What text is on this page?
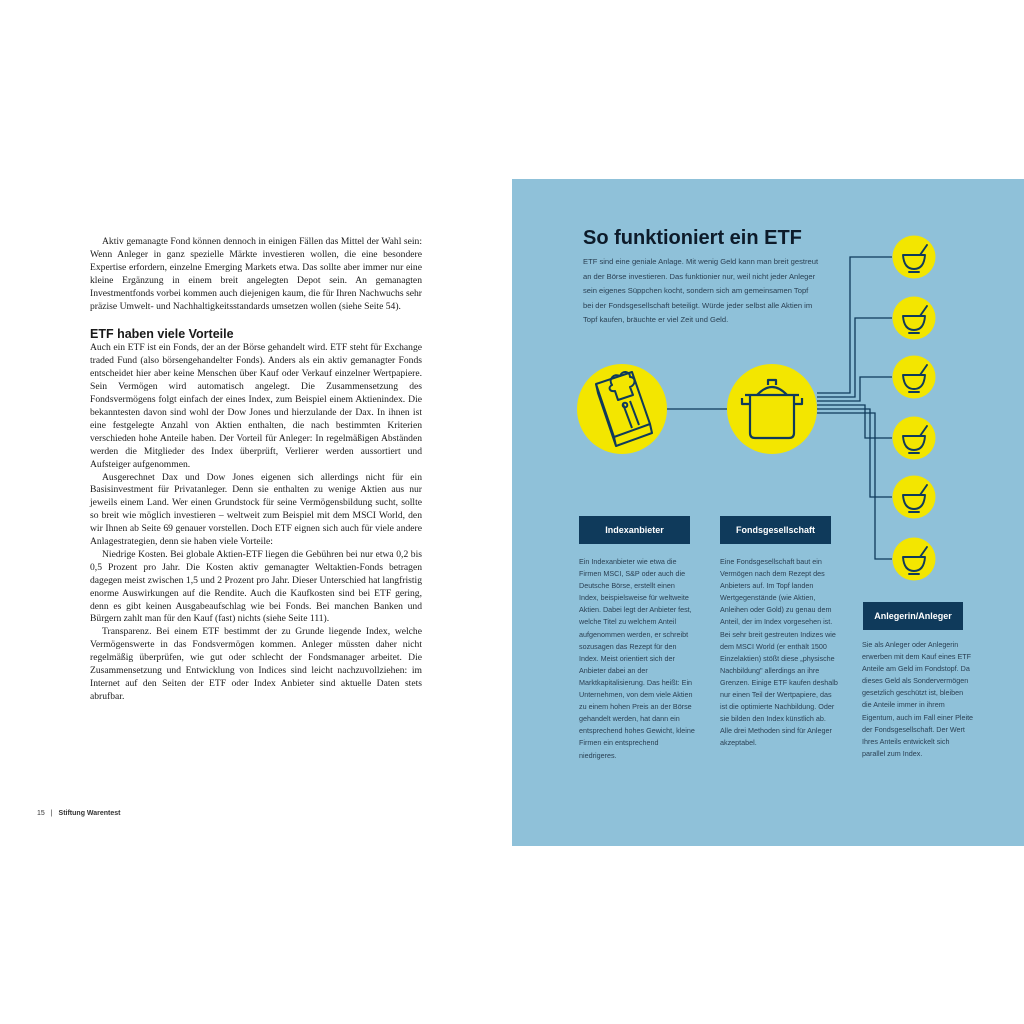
Aktiv gemanagte Fond können dennoch in einigen Fällen das Mittel der Wahl sein: Wenn Anleger in ganz spezielle Märkte investieren wollen, die eine besondere Expertise erfordern, einzelne Emerging Markets etwa. Das sollte aber immer nur eine kleine Ergänzung in einem breit angelegten Depot sein. An gemanagten Investmentfonds vorbei kommen auch diejenigen kaum, die für Ihren Nachwuchs sehr präzise Umwelt- und Nachhaltigkeitsstandards umsetzen wollen (siehe Seite 54).

ETF haben viele Vorteile

Auch ein ETF ist ein Fonds, der an der Börse gehandelt wird. ETF steht für Exchange traded Fund (also börsengehandelter Fonds). Anders als ein aktiv gemanagter Fonds entscheidet hier aber keine Menschen über Kauf oder Verkauf einzelner Wertpapiere. Sein Vermögen wird automatisch angelegt. Die Zusammensetzung des Fondsvermögens folgt einfach der eines Index, zum Beispiel einem Aktienindex. Die bekanntesten davon sind wohl der Dow Jones und hierzulande der Dax. In ihnen ist eine festgelegte Anzahl von Aktien enthalten, die nach bestimmten Kriterien verschieden hohe Anteile haben. Der Vorteil für Anleger: In regelmäßigen Abständen werden die Mitglieder des Index überprüft, Verlierer werden aussortiert und Aufsteiger aufgenommen.

Ausgerechnet Dax und Dow Jones eigenen sich allerdings nicht für ein Basisinvestment für Privatanleger. Denn sie enthalten zu wenige Aktien aus nur jeweils einem Land. Wer einen Grundstock für seine Vermögensbildung sucht, sollte so breit wie möglich investieren – weltweit zum Beispiel mit dem MSCI World, den wir Ihnen ab Seite 69 genauer vorstellen. Doch ETF eignen sich auch für viele andere Anlagestrategien, denn sie haben viele Vorteile:

Niedrige Kosten. Bei globale Aktien-ETF liegen die Gebühren bei nur etwa 0,2 bis 0,5 Prozent pro Jahr. Die Kosten aktiv gemanagter Weltaktien-Fonds betragen dagegen meist zwischen 1,5 und 2 Prozent pro Jahr. Dieser Unterschied hat langfristig enorme Auswirkungen auf die Rendite. Auch die Kaufkosten sind bei ETF gering, denn es gibt keinen Ausgabeaufschlag wie bei Fonds. Bei manchen Banken und Bürgern zahlt man für den Kauf (fast) nichts (siehe Seite 111).

Transparenz. Bei einem ETF bestimmt der zu Grunde liegende Index, welche Vermögenswerte in das Fondsvermögen kommen. Anleger müssten daher nicht regelmäßig überprüfen, wie gut oder schlecht der Fondsmanager arbeitet. Die Zusammensetzung und Entwicklung von Indices sind leicht nachzuvollziehen: im Internet auf den Seiten der ETF oder Index Anbieter sind aktuelle Daten stets abrufbar.

15 | Stiftung Warentest
So funktioniert ein ETF

ETF sind eine geniale Anlage. Mit wenig Geld kann man breit gestreut an der Börse investieren. Das funktionier nur, weil nicht jeder Anleger sein eigenes Süppchen kocht, sondern sich am gemeinsamen Topf bei der Fondsgesellschaft beteiligt. Würde jeder selbst alle Aktien im Topf kaufen, bräuchte er viel Zeit und Geld.

Indexanbieter	Fondsgesellschaft
Anlegerin/Anleger

Ein Indexanbieter wie etwa die Firmen MSCI, S&P oder auch die Deutsche Börse, erstellt einen Index, beispielsweise für weltweite Aktien. Dabei legt der Anbieter fest, welche Titel zu welchem Anteil aufgenommen werden, er schreibt sozusagen das Rezept für den Index. Meist orientiert sich der Anbieter dabei an der Marktkapitalisierung. Das heißt: Ein Unternehmen, von dem viele Aktien zu einem hohen Preis an der Börse gehandelt werden, hat dann ein entsprechend hohes Gewicht, kleine Firmen ein entsprechend niedrigeres.

Eine Fondsgesellschaft baut ein Vermögen nach dem Rezept des Anbieters auf. Im Topf landen Wertgegenstände (wie Aktien, Anleihen oder Gold) zu genau dem Anteil, der im Index vorgesehen ist. Bei sehr breit gestreuten Indizes wie dem MSCI World (er enthält 1500 Einzelaktien) stößt diese „physische Nachbildung" allerdings an ihre Grenzen. Einige ETF kaufen deshalb nur einen Teil der Wertpapiere, das ist die optimierte Nachbildung. Oder sie bilden den Index künstlich ab. Alle drei Methoden sind für Anleger akzeptabel.

Sie als Anleger oder Anlegerin erwerben mit dem Kauf eines ETF Anteile am Geld im Fondstopf. Da dieses Geld als Sondervermögen gesetzlich geschützt ist, bleiben die Anteile immer in ihrem Eigentum, auch im Fall einer Pleite der Fondsgesellschaft. Der Wert Ihres Anteils entwickelt sich parallel zum Index.
